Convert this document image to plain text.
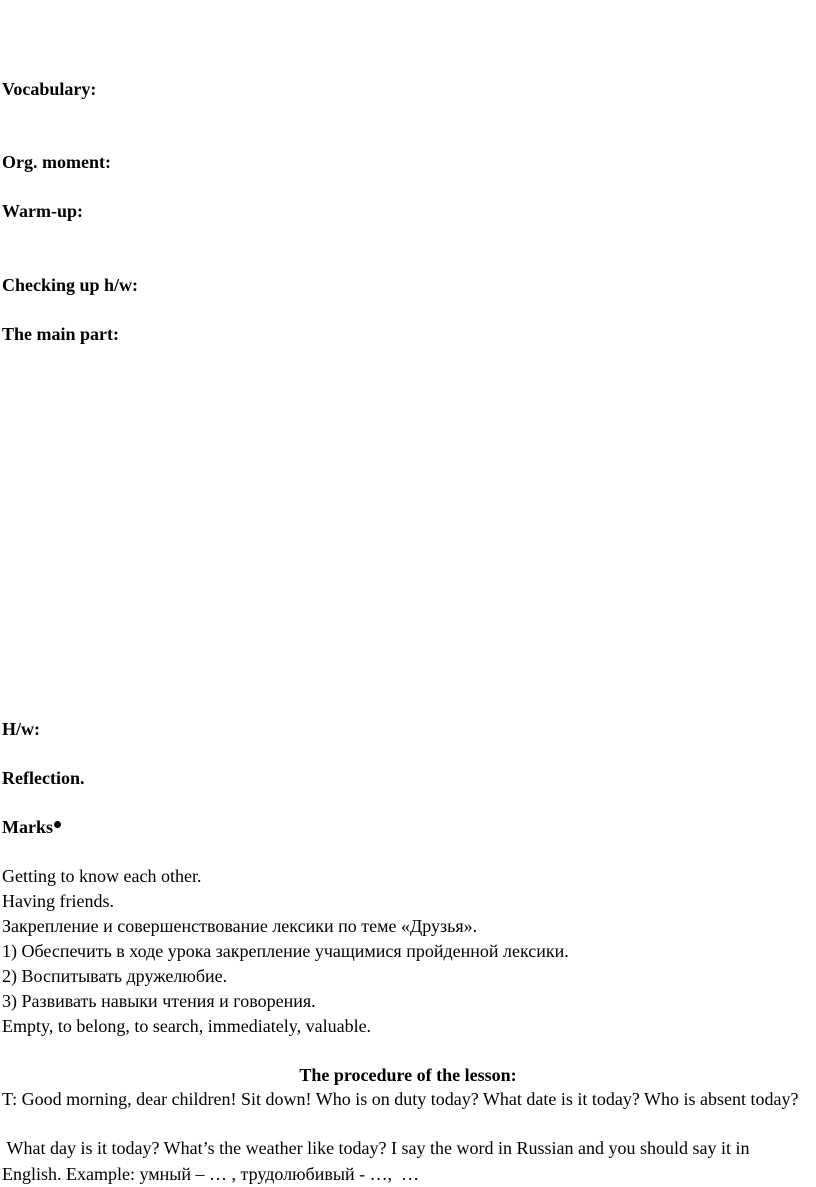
Vocabulary:
Org. moment:
Warm-up:
Checking up h/w:
The main part:
H/w:
Reflection.
Marks
Getting to know each other.
Having friends.
Закрепление и совершенствование лексики по теме «Друзья».
1) Обеспечить в ходе урока закрепление учащимися пройденной лексики.
2) Воспитывать дружелюбие.
3) Развивать навыки чтения и говорения.
Empty, to belong, to search, immediately, valuable.
The procedure of the lesson:
T: Good morning, dear children! Sit down! Who is on duty today? What date is it today? Who is absent today?
What day is it today? What’s the weather like today? I say the word in Russian and you should say it in English. Example: умный – … , трудолюбивый - …,  …
